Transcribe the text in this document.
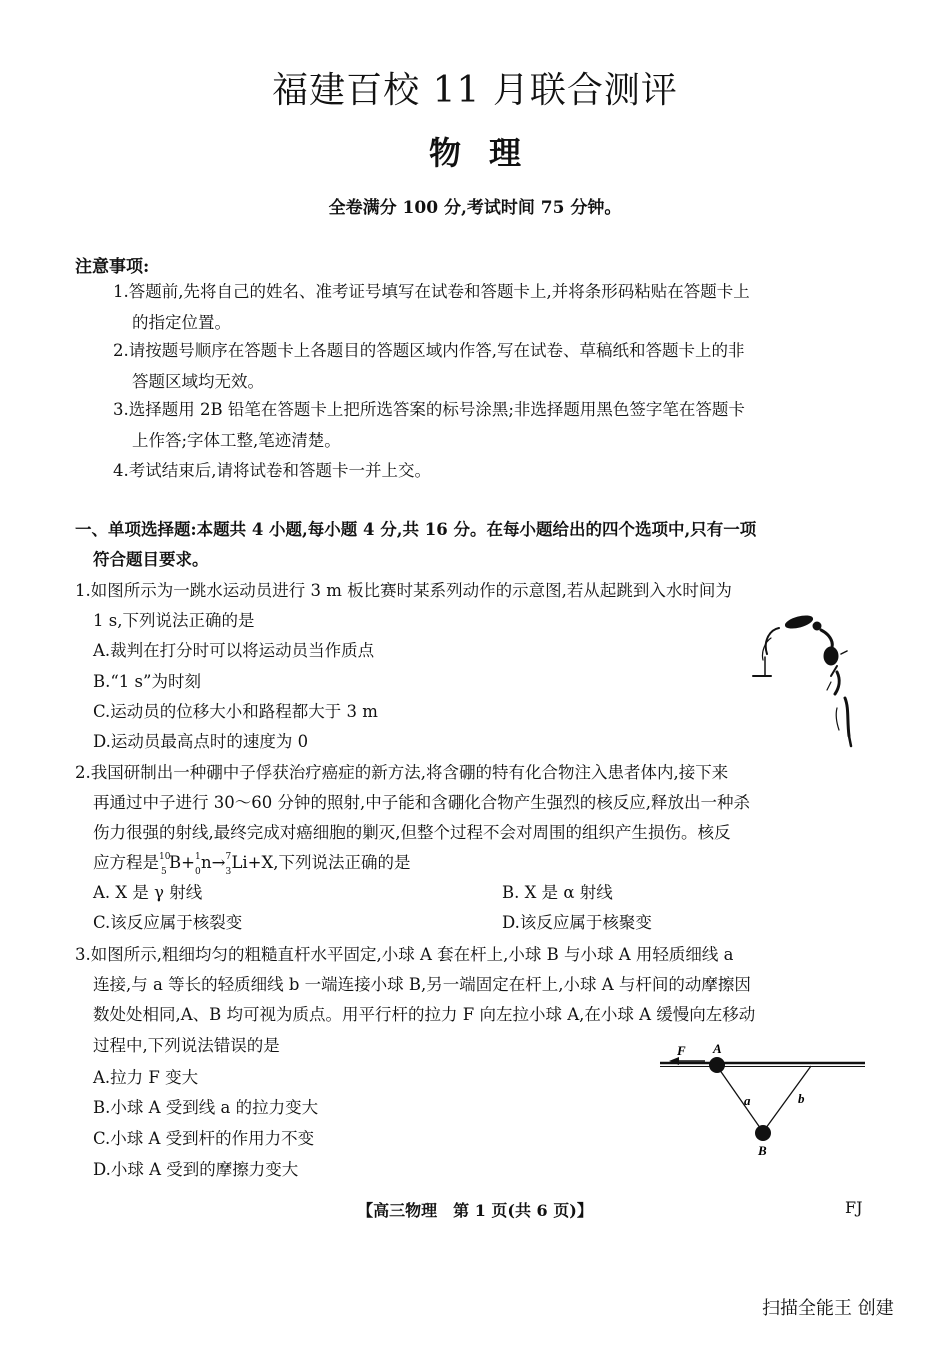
福建百校 11 月联合测评
物理
全卷满分 100 分,考试时间 75 分钟。
注意事项:
1.答题前,先将自己的姓名、准考证号填写在试卷和答题卡上,并将条形码粘贴在答题卡上
的指定位置。
2.请按题号顺序在答题卡上各题目的答题区域内作答,写在试卷、草稿纸和答题卡上的非
答题区域均无效。
3.选择题用 2B 铅笔在答题卡上把所选答案的标号涂黑;非选择题用黑色签字笔在答题卡
上作答;字体工整,笔迹清楚。
4.考试结束后,请将试卷和答题卡一并上交。
一、单项选择题:本题共 4 小题,每小题 4 分,共 16 分。在每小题给出的四个选项中,只有一项
符合题目要求。
1.如图所示为一跳水运动员进行 3 m 板比赛时某系列动作的示意图,若从起跳到入水时间为
1 s,下列说法正确的是
A.裁判在打分时可以将运动员当作质点
B.“1 s”为时刻
C.运动员的位移大小和路程都大于 3 m
D.运动员最高点时的速度为 0
2.我国研制出一种硼中子俘获治疗癌症的新方法,将含硼的特有化合物注入患者体内,接下来
再通过中子进行 30～60 分钟的照射,中子能和含硼化合物产生强烈的核反应,释放出一种杀
伤力很强的射线,最终完成对癌细胞的剿灭,但整个过程不会对周围的组织产生损伤。核反
应方程是 10
5 B+ 1
0 n→ 7
3 Li+X,下列说法正确的是
A. X 是 γ 射线	B. X 是 α 射线
C.该反应属于核裂变	D.该反应属于核聚变
3.如图所示,粗细均匀的粗糙直杆水平固定,小球 A 套在杆上,小球 B 与小球 A 用轻质细线 a
连接,与 a 等长的轻质细线 b 一端连接小球 B,另一端固定在杆上,小球 A 与杆间的动摩擦因
数处处相同,A、B 均可视为质点。用平行杆的拉力 F 向左拉小球 A,在小球 A 缓慢向左移动
过程中,下列说法错误的是
A.拉力 F 变大
B.小球 A 受到线 a 的拉力变大
C.小球 A 受到杆的作用力不变
D.小球 A 受到的摩擦力变大
F A
a	b
B
【高三物理　第 1 页(共 6 页)】	FJ
扫描全能王 创建
